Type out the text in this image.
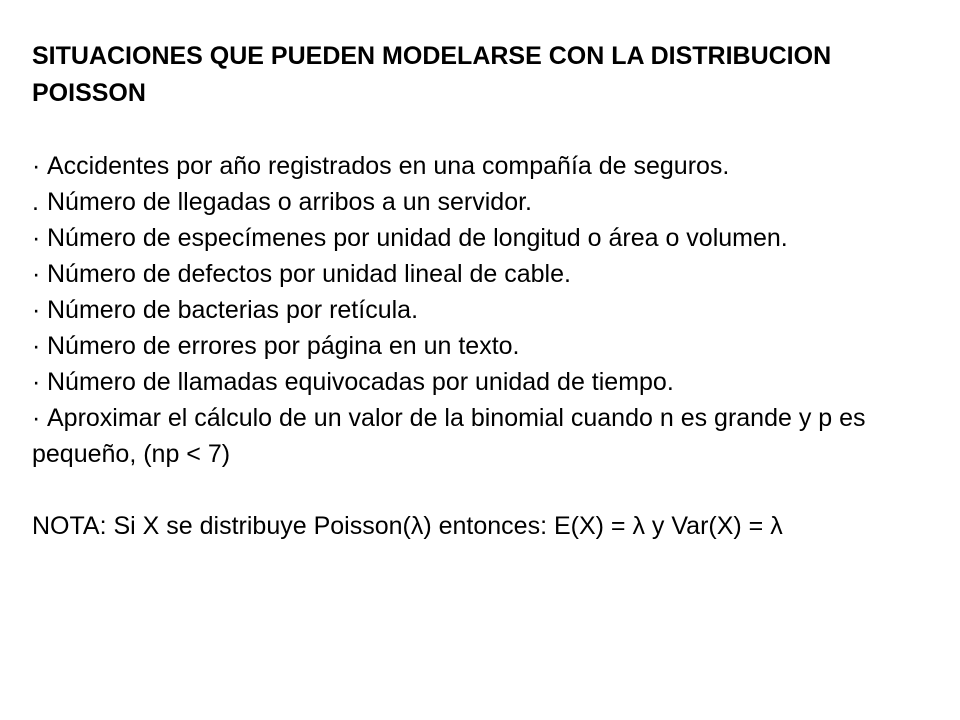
SITUACIONES QUE PUEDEN MODELARSE CON LA DISTRIBUCION POISSON
· Accidentes por año registrados en una compañía de seguros.
. Número de llegadas o arribos a un servidor.
· Número de especímenes por unidad de longitud o área o volumen.
· Número de defectos por unidad lineal de cable.
· Número de bacterias por retícula.
· Número de errores por página en un texto.
· Número de llamadas equivocadas por unidad de tiempo.
· Aproximar el cálculo de un valor de la binomial cuando n es grande y p es pequeño, (np < 7)

NOTA: Si X se distribuye Poisson(λ) entonces: E(X) = λ y Var(X) = λ
